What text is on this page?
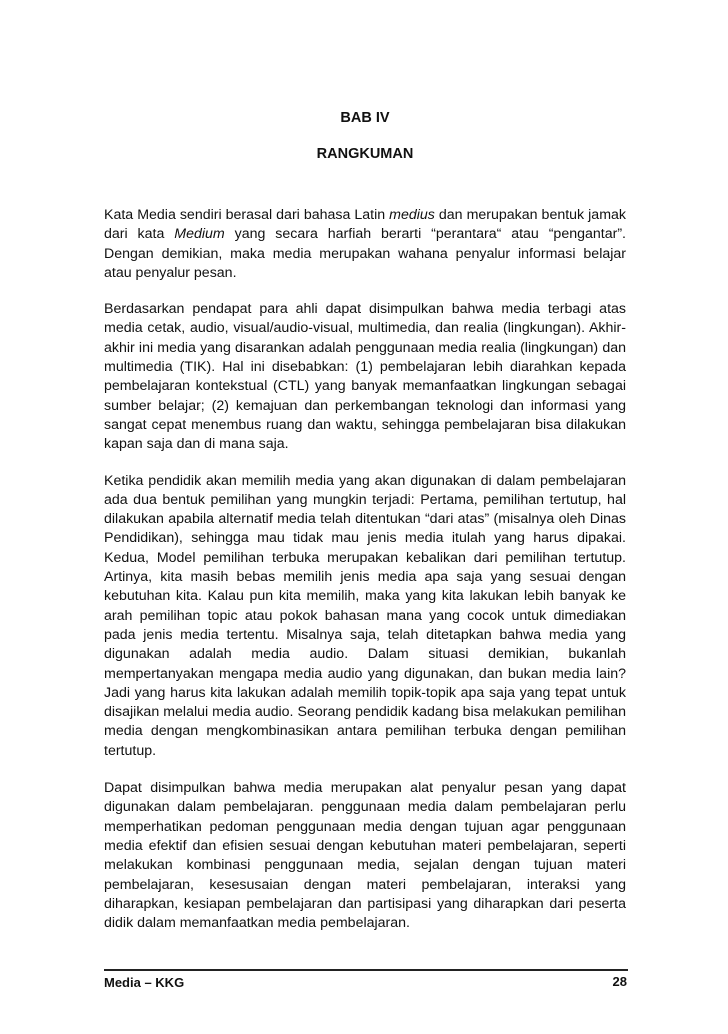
BAB IV
RANGKUMAN

Kata Media sendiri berasal dari bahasa Latin medius dan merupakan bentuk jamak dari kata Medium yang secara harfiah berarti “perantara“ atau “pengantar”. Dengan demikian, maka media merupakan wahana penyalur informasi belajar atau penyalur pesan.

Berdasarkan pendapat para ahli dapat disimpulkan bahwa media terbagi atas media cetak, audio, visual/audio-visual, multimedia, dan realia (lingkungan). Akhir-akhir ini media yang disarankan adalah penggunaan media realia (lingkungan) dan multimedia (TIK). Hal ini disebabkan: (1) pembelajaran lebih diarahkan kepada pembelajaran kontekstual (CTL) yang banyak memanfaatkan lingkungan sebagai sumber belajar; (2) kemajuan dan perkembangan teknologi dan informasi yang sangat cepat menembus ruang dan waktu, sehingga pembelajaran bisa dilakukan kapan saja dan di mana saja.

Ketika pendidik akan memilih media yang akan digunakan di dalam pembelajaran ada dua bentuk pemilihan yang mungkin terjadi: Pertama, pemilihan tertutup, hal dilakukan apabila alternatif media telah ditentukan “dari atas” (misalnya oleh Dinas Pendidikan), sehingga mau tidak mau jenis media itulah yang harus dipakai. Kedua, Model pemilihan terbuka merupakan kebalikan dari pemilihan tertutup. Artinya, kita masih bebas memilih jenis media apa saja yang sesuai dengan kebutuhan kita. Kalau pun kita memilih, maka yang kita lakukan lebih banyak ke arah pemilihan topic atau pokok bahasan mana yang cocok untuk dimediakan pada jenis media tertentu. Misalnya saja, telah ditetapkan bahwa media yang digunakan adalah media audio. Dalam situasi demikian, bukanlah mempertanyakan mengapa media audio yang digunakan, dan bukan media lain? Jadi yang harus kita lakukan adalah memilih topik-topik apa saja yang tepat untuk disajikan melalui media audio. Seorang pendidik kadang bisa melakukan pemilihan media dengan mengkombinasikan antara pemilihan terbuka dengan pemilihan tertutup.

Dapat disimpulkan bahwa media merupakan alat penyalur pesan yang dapat digunakan dalam pembelajaran. penggunaan media dalam pembelajaran perlu memperhatikan pedoman penggunaan media dengan tujuan agar penggunaan media efektif dan efisien sesuai dengan kebutuhan materi pembelajaran, seperti melakukan kombinasi penggunaan media, sejalan dengan tujuan materi pembelajaran, kesesusaian dengan materi pembelajaran, interaksi yang diharapkan, kesiapan pembelajaran dan partisipasi yang diharapkan dari peserta didik dalam memanfaatkan media pembelajaran.

Media – KKG	28
